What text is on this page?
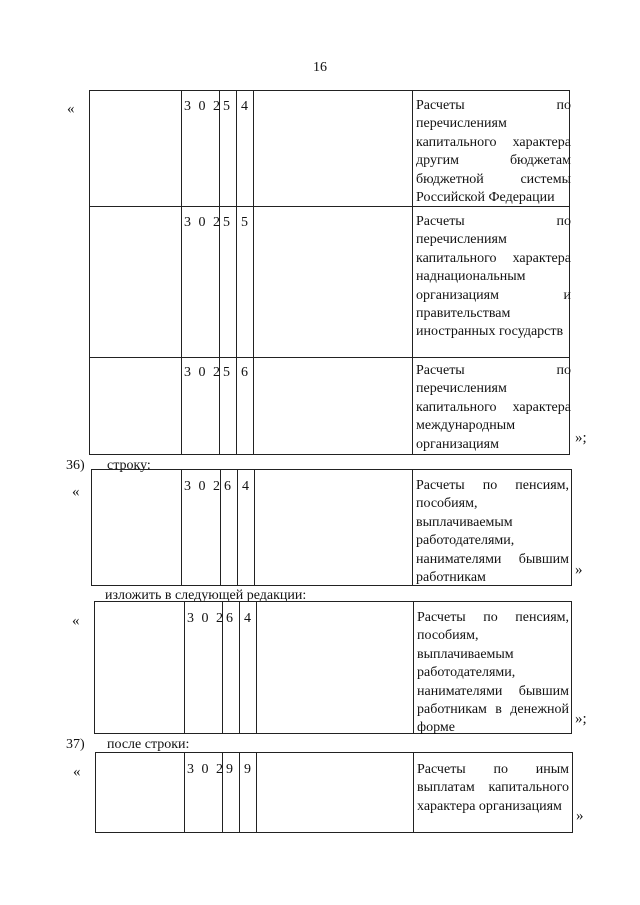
16
«	3 0 2 5 4	Расчеты по перечислениям капитального характера другим бюджетам бюджетной системы Российской Федерации
3 0 2 5 5	Расчеты по перечислениям капитального характера наднациональным организациям и правительствам иностранных государств
3 0 2 5 6	Расчеты по перечислениям капитального характера международным организациям	»;
36) строку:
«	3 0 2 6 4	Расчеты по пенсиям, пособиям, выплачиваемым работодателями, нанимателями бывшим работникам	»
изложить в следующей редакции:
«	3 0 2 6 4	Расчеты по пенсиям, пособиям, выплачиваемым работодателями, нанимателями бывшим работникам в денежной форме
»;
37) после строки:
«	3 0 2 9 9	Расчеты по иным выплатам капитального характера организациям
»
